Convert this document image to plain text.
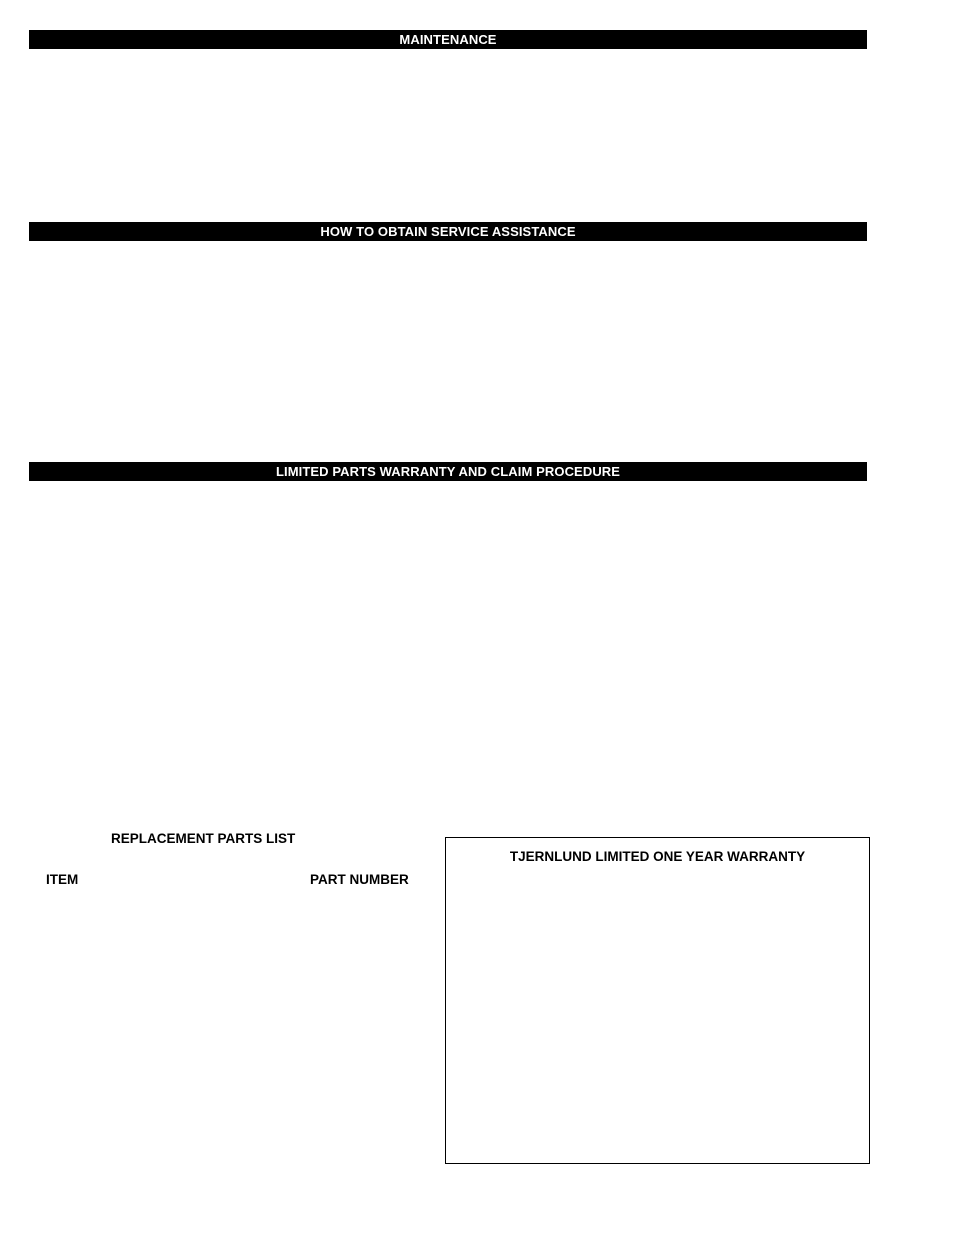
MAINTENANCE
HOW TO OBTAIN SERVICE ASSISTANCE
LIMITED PARTS WARRANTY AND CLAIM PROCEDURE
REPLACEMENT PARTS LIST
ITEM	PART NUMBER
TJERNLUND LIMITED ONE YEAR WARRANTY
